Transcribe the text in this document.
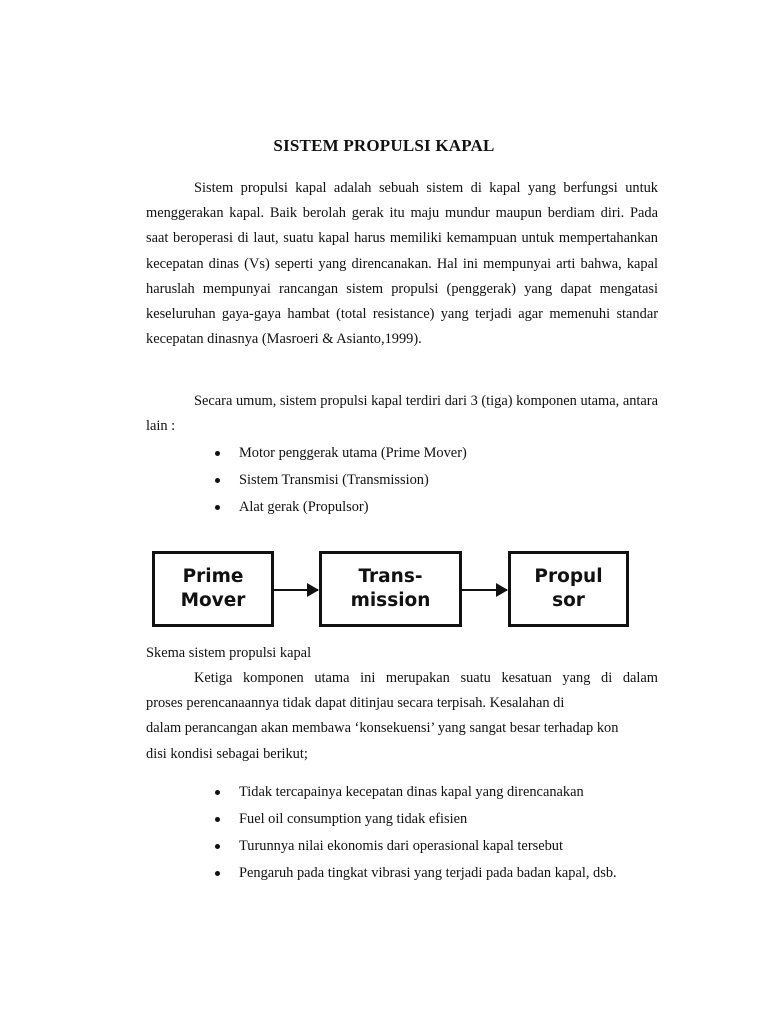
SISTEM PROPULSI KAPAL
Sistem propulsi kapal adalah sebuah sistem di kapal yang berfungsi untuk menggerakan kapal. Baik berolah gerak itu maju mundur maupun berdiam diri. Pada saat beroperasi di laut, suatu kapal harus memiliki kemampuan untuk mempertahankan kecepatan dinas (Vs) seperti yang direncanakan. Hal ini mempunyai arti bahwa, kapal haruslah mempunyai rancangan sistem propulsi (penggerak) yang dapat mengatasi keseluruhan gaya-gaya hambat (total resistance) yang terjadi agar memenuhi standar kecepatan dinasnya (Masroeri & Asianto,1999).
Secara umum, sistem propulsi kapal terdiri dari 3 (tiga) komponen utama, antara lain :
Motor penggerak utama (Prime Mover)
Sistem Transmisi (Transmission)
Alat gerak (Propulsor)
Prime
Mover
Trans-
mission
Propul
sor
Skema sistem propulsi kapal
Ketiga komponen utama ini merupakan suatu kesatuan yang di dalam
proses perencanaannya tidak dapat ditinjau secara terpisah. Kesalahan di
dalam perancangan akan membawa ‘konsekuensi’ yang sangat besar terhadap kon
disi kondisi sebagai berikut;
Tidak tercapainya kecepatan dinas kapal yang direncanakan
Fuel oil consumption yang tidak efisien
Turunnya nilai ekonomis dari operasional kapal tersebut
Pengaruh pada tingkat vibrasi yang terjadi pada badan kapal, dsb.
